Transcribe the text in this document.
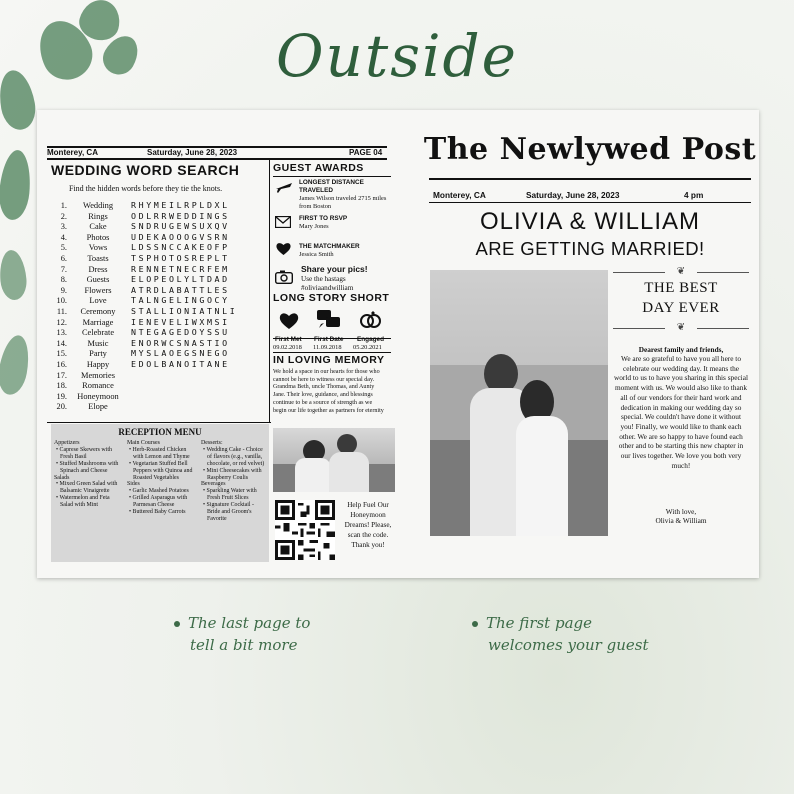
Outside
Monterey, CA	Saturday, June 28, 2023	PAGE 04
WEDDING WORD SEARCH
Find the hidden words before they tie the knots.
1.	Wedding	RHYMEILRPLDXL
2.	Rings	ODLRRWEDDINGS
3.	Cake	SNDRUGEWSUXQV
4.	Photos	UDEKAOOOGVSRN
5.	Vows	LDSSNCCAKEOFP
6.	Toasts	TSPHOTOSREPLT
7.	Dress	RENNETNECRFEM
8.	Guests	ELOPEOLYLTDAD
9.	Flowers	ATRDLABATTLES
10.	Love	TALNGELINGOCY
11.	Ceremony	STALLIONIATNLI
12.	Marriage	IENEVELIWXMSI
13.	Celebrate	NTEGAGEDOYSSU
14.	Music	ENORWCSNASTIO
15.	Party	MYSLAOEGSNEGO
16.	Happy	EDOLBANOITANE
17.	Memories
18.	Romance
19.	Honeymoon
20.	Elope
GUEST AWARDS
LONGEST DISTANCE TRAVELED
James Wilson traveled 2715 miles from Boston
FIRST TO RSVP
Mary Jones
THE MATCHMAKER
Jessica Smith
Share your pics!
Use the hastags
#oliviaandwilliam
LONG STORY SHORT
First Met
09.02.2018
First Date
11.09.2018
Engaged
05.20.2021
IN LOVING MEMORY
We hold a space in our hearts for those who cannot be here to witness our special day. Grandma Beth, uncle Thomas, and Aunty Jane. Their love, guidance, and blessings continue to be a source of strength as we begin our life together as partners for eternity
RECEPTION MENU
Appetizers
• Caprese Skewers with Fresh Basil
• Stuffed Mushrooms with Spinach and Cheese
Salads
• Mixed Green Salad with Balsamic Vinaigrette
• Watermelon and Feta Salad with Mint
Main Courses
• Herb-Roasted Chicken with Lemon and Thyme
• Vegetarian Stuffed Bell Peppers with Quinoa and Roasted Vegetables
Sides
• Garlic Mashed Potatoes
• Grilled Asparagus with Parmesan Cheese
• Buttered Baby Carrots
Desserts:
• Wedding Cake - Choice of flavors (e.g., vanilla, chocolate, or red velvet)
• Mini Cheesecakes with Raspberry Coulis
Beverages
• Sparkling Water with Fresh Fruit Slices
• Signature Cocktail - Bride and Groom's Favorite
Help Fuel Our Honeymoon Dreams! Please, scan the code. Thank you!
The Newlywed Post
Monterey, CA	Saturday, June 28, 2023	4 pm
OLIVIA & WILLIAM
ARE GETTING MARRIED!
❦
THE BEST
DAY EVER
❦
Dearest family and friends,
We are so grateful to have you all here to celebrate our wedding day. It means the world to us to have you sharing in this special moment with us. We would also like to thank all of our vendors for their hard work and dedication in making our wedding day so special. We couldn't have done it without you! Finally, we would like to thank each other. We are so happy to have found each other and to be starting this new chapter in our lives together. We love you both very much!
With love,
Olivia & William
The last page to
tell a bit more
The first page
welcomes your guest
